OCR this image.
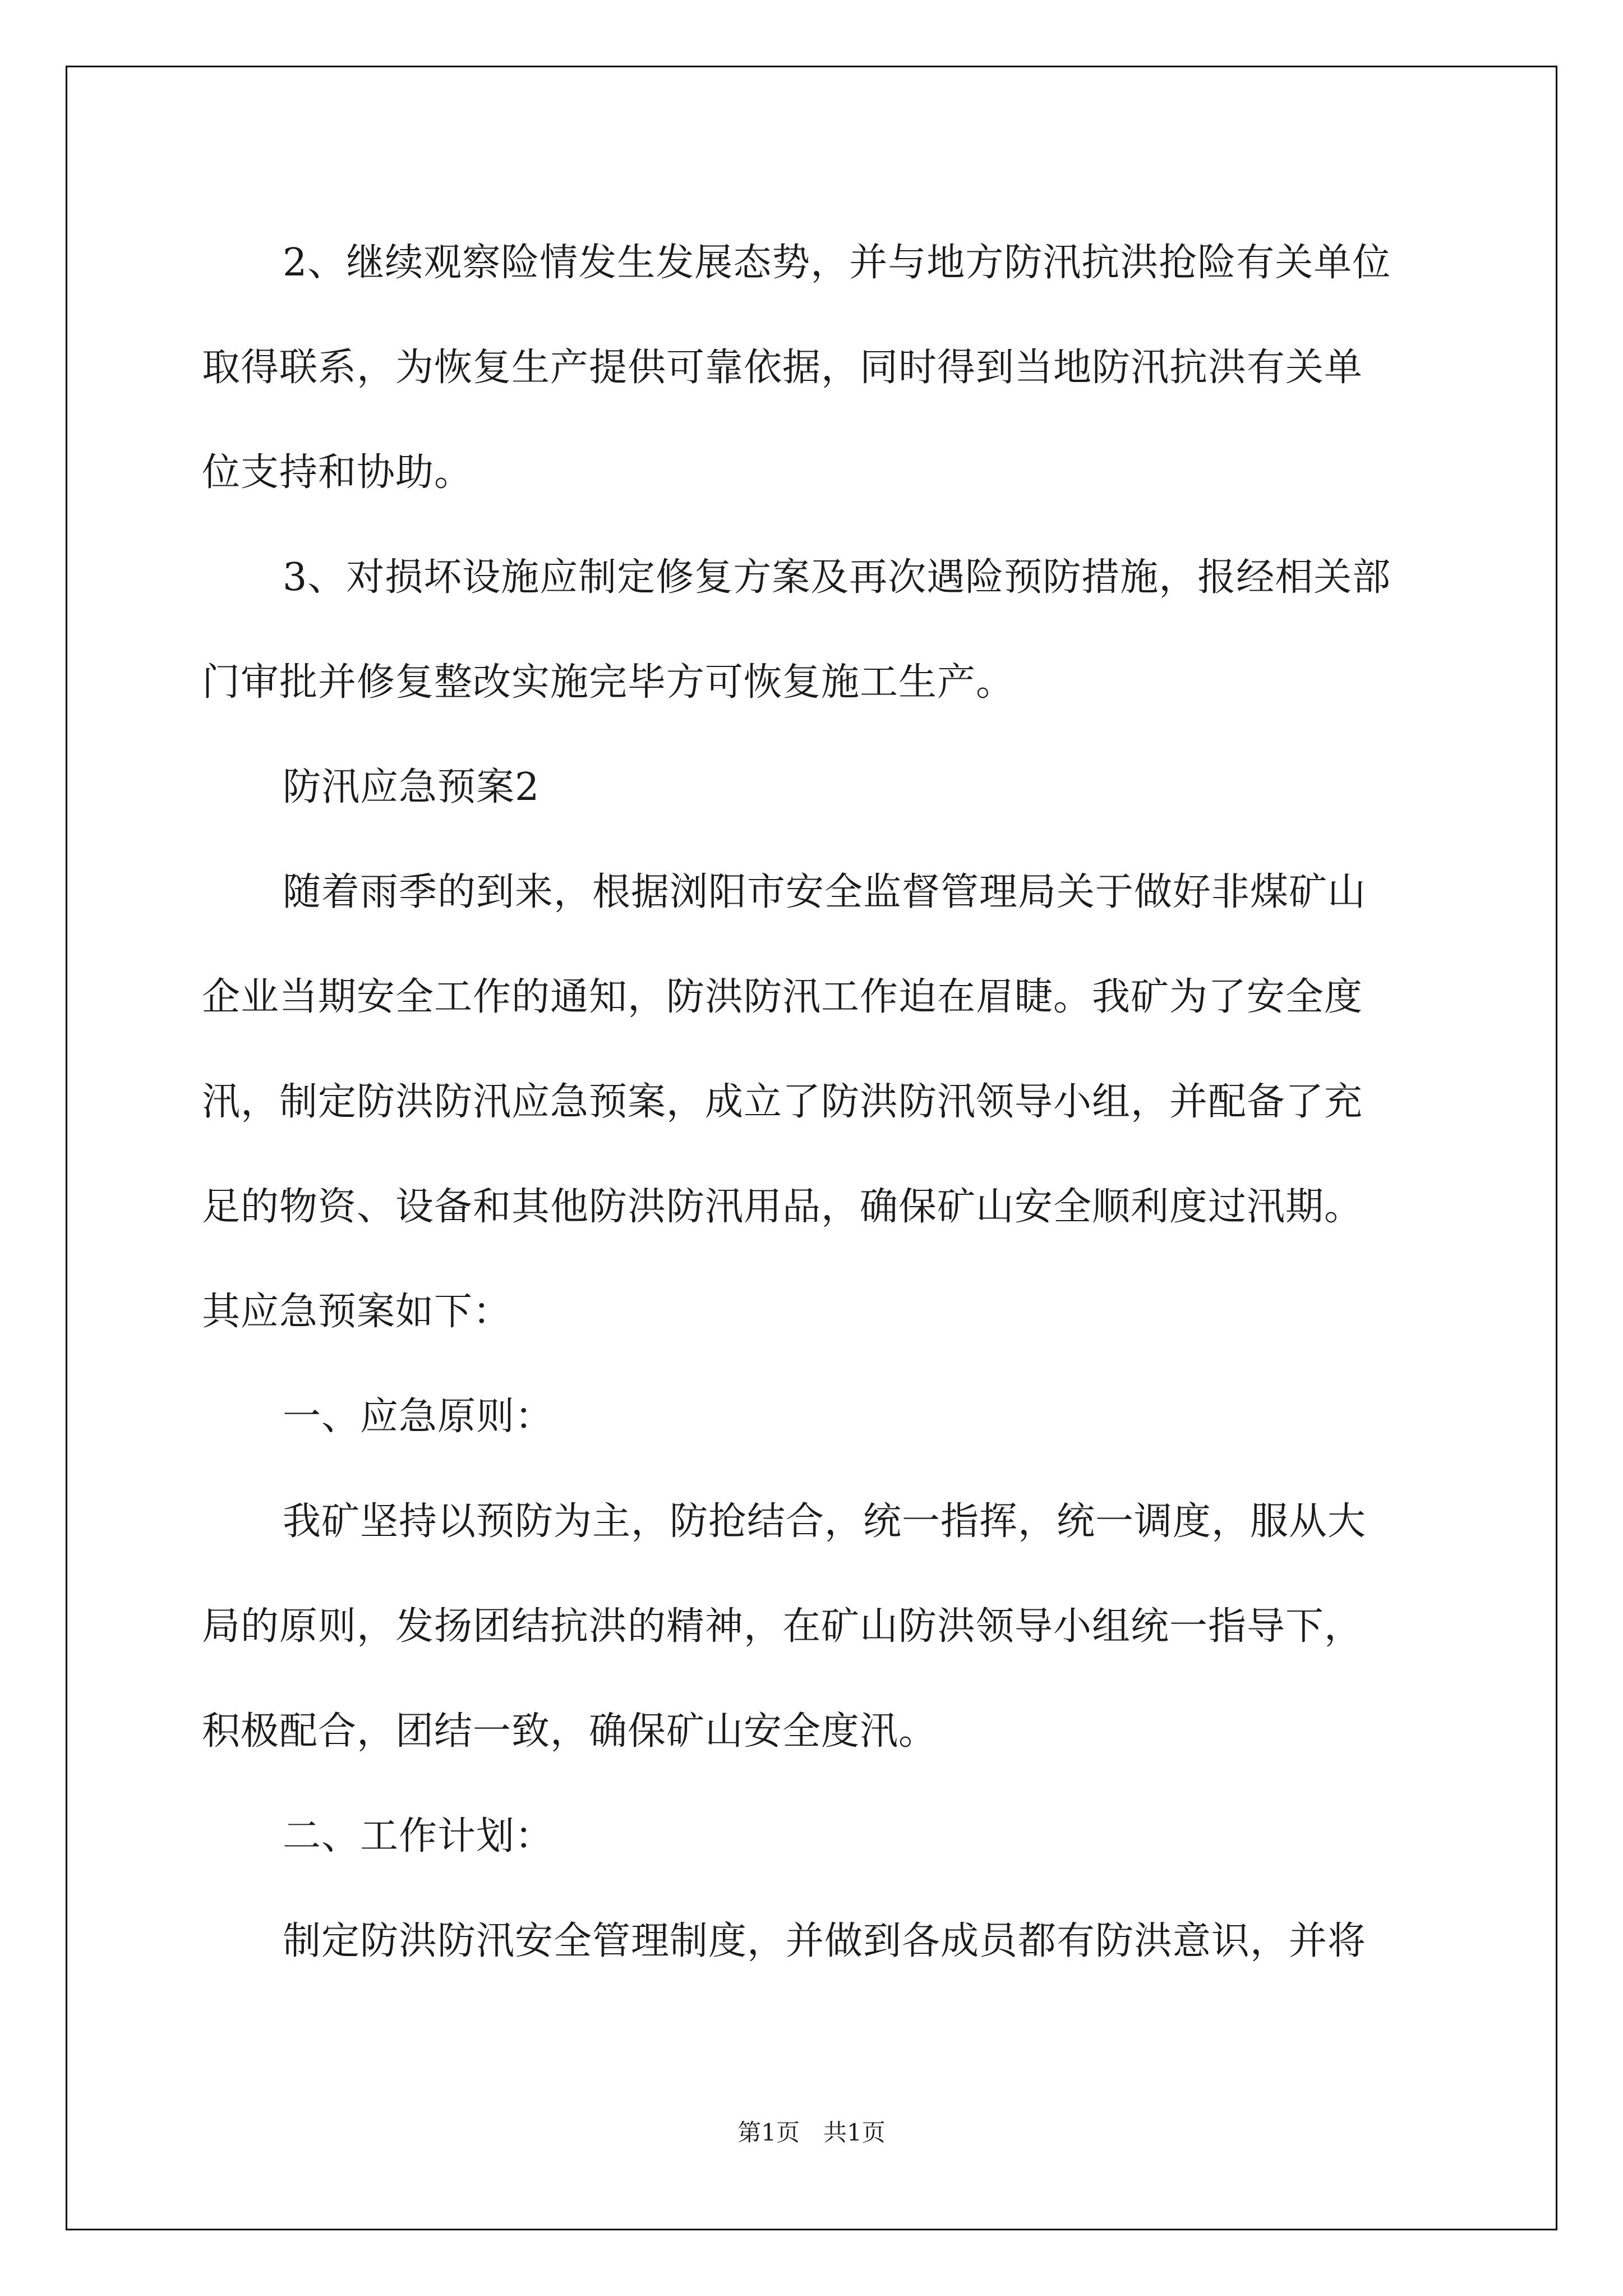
2、继续观察险情发生发展态势，并与地方防汛抗洪抢险有关单位

取得联系，为恢复生产提供可靠依据，同时得到当地防汛抗洪有关单

位支持和协助。

3、对损坏设施应制定修复方案及再次遇险预防措施，报经相关部

门审批并修复整改实施完毕方可恢复施工生产。

防汛应急预案2

随着雨季的到来，根据浏阳市安全监督管理局关于做好非煤矿山

企业当期安全工作的通知，防洪防汛工作迫在眉睫。我矿为了安全度

汛，制定防洪防汛应急预案，成立了防洪防汛领导小组，并配备了充

足的物资、设备和其他防洪防汛用品，确保矿山安全顺利度过汛期。

其应急预案如下：

一、应急原则：

我矿坚持以预防为主，防抢结合，统一指挥，统一调度，服从大

局的原则，发扬团结抗洪的精神，在矿山防洪领导小组统一指导下，

积极配合，团结一致，确保矿山安全度汛。

二、工作计划：

制定防洪防汛安全管理制度，并做到各成员都有防洪意识，并将

第1页　共1页
